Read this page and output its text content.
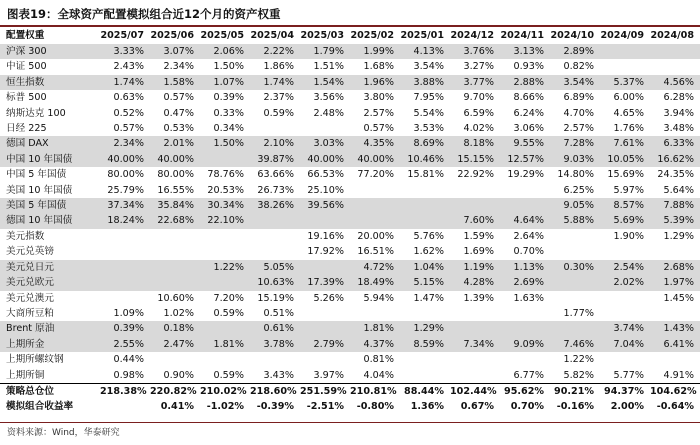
图表19：全球资产配置模拟组合近12个月的资产权重
配置权重	2025/07	2025/06	2025/05	2025/04	2025/03	2025/02	2025/01	2024/12	2024/11	2024/10	2024/09	2024/08
沪深 300	3.33%	3.07%	2.06%	2.22%	1.79%	1.99%	4.13%	3.76%	3.13%	2.89%		
中证 500	2.43%	2.34%	1.50%	1.86%	1.51%	1.68%	3.54%	3.27%	0.93%	0.82%		
恒生指数	1.74%	1.58%	1.07%	1.74%	1.54%	1.96%	3.88%	3.77%	2.88%	3.54%	5.37%	4.56%
标普 500	0.63%	0.57%	0.39%	2.37%	3.56%	3.80%	7.95%	9.70%	8.66%	6.89%	6.00%	6.28%
纳斯达克 100	0.52%	0.47%	0.33%	0.59%	2.48%	2.57%	5.54%	6.59%	6.24%	4.70%	4.65%	3.94%
日经 225	0.57%	0.53%	0.34%			0.57%	3.53%	4.02%	3.06%	2.57%	1.76%	3.48%
德国 DAX	2.34%	2.01%	1.50%	2.10%	3.03%	4.35%	8.69%	8.18%	9.55%	7.28%	7.61%	6.33%
中国 10 年国债	40.00%	40.00%		39.87%	40.00%	40.00%	10.46%	15.15%	12.57%	9.03%	10.05%	16.62%
中国 5 年国债	80.00%	80.00%	78.76%	63.66%	66.53%	77.20%	15.81%	22.92%	19.29%	14.80%	15.69%	24.35%
美国 10 年国债	25.79%	16.55%	20.53%	26.73%	25.10%					6.25%	5.97%	5.64%
美国 5 年国债	37.34%	35.84%	30.34%	38.26%	39.56%					9.05%	8.57%	7.88%
德国 10 年国债	18.24%	22.68%	22.10%					7.60%	4.64%	5.88%	5.69%	5.39%
美元指数					19.16%	20.00%	5.76%	1.59%	2.64%		1.90%	1.29%
美元兑英镑					17.92%	16.51%	1.62%	1.69%	0.70%			
美元兑日元			1.22%	5.05%		4.72%	1.04%	1.19%	1.13%	0.30%	2.54%	2.68%
美元兑欧元				10.63%	17.39%	18.49%	5.15%	4.28%	2.69%		2.02%	1.97%
美元兑澳元		10.60%	7.20%	15.19%	5.26%	5.94%	1.47%	1.39%	1.63%			1.45%
大商所豆粕	1.09%	1.02%	0.59%	0.51%						1.77%		
Brent 原油	0.39%	0.18%		0.61%		1.81%	1.29%				3.74%	1.43%
上期所金	2.55%	2.47%	1.81%	3.78%	2.79%	4.37%	8.59%	7.34%	9.09%	7.46%	7.04%	6.41%
上期所螺纹钢	0.44%					0.81%				1.22%		
上期所铜	0.98%	0.90%	0.59%	3.43%	3.97%	4.04%			6.77%	5.82%	5.77%	4.91%
策略总仓位	218.38%	220.82%	210.02%	218.60%	251.59%	210.81%	88.44%	102.44%	95.62%	90.21%	94.37%	104.62%
模拟组合收益率		0.41%	-1.02%	-0.39%	-2.51%	-0.80%	1.36%	0.67%	0.70%	-0.16%	2.00%	-0.64%
资料来源：Wind，华泰研究
